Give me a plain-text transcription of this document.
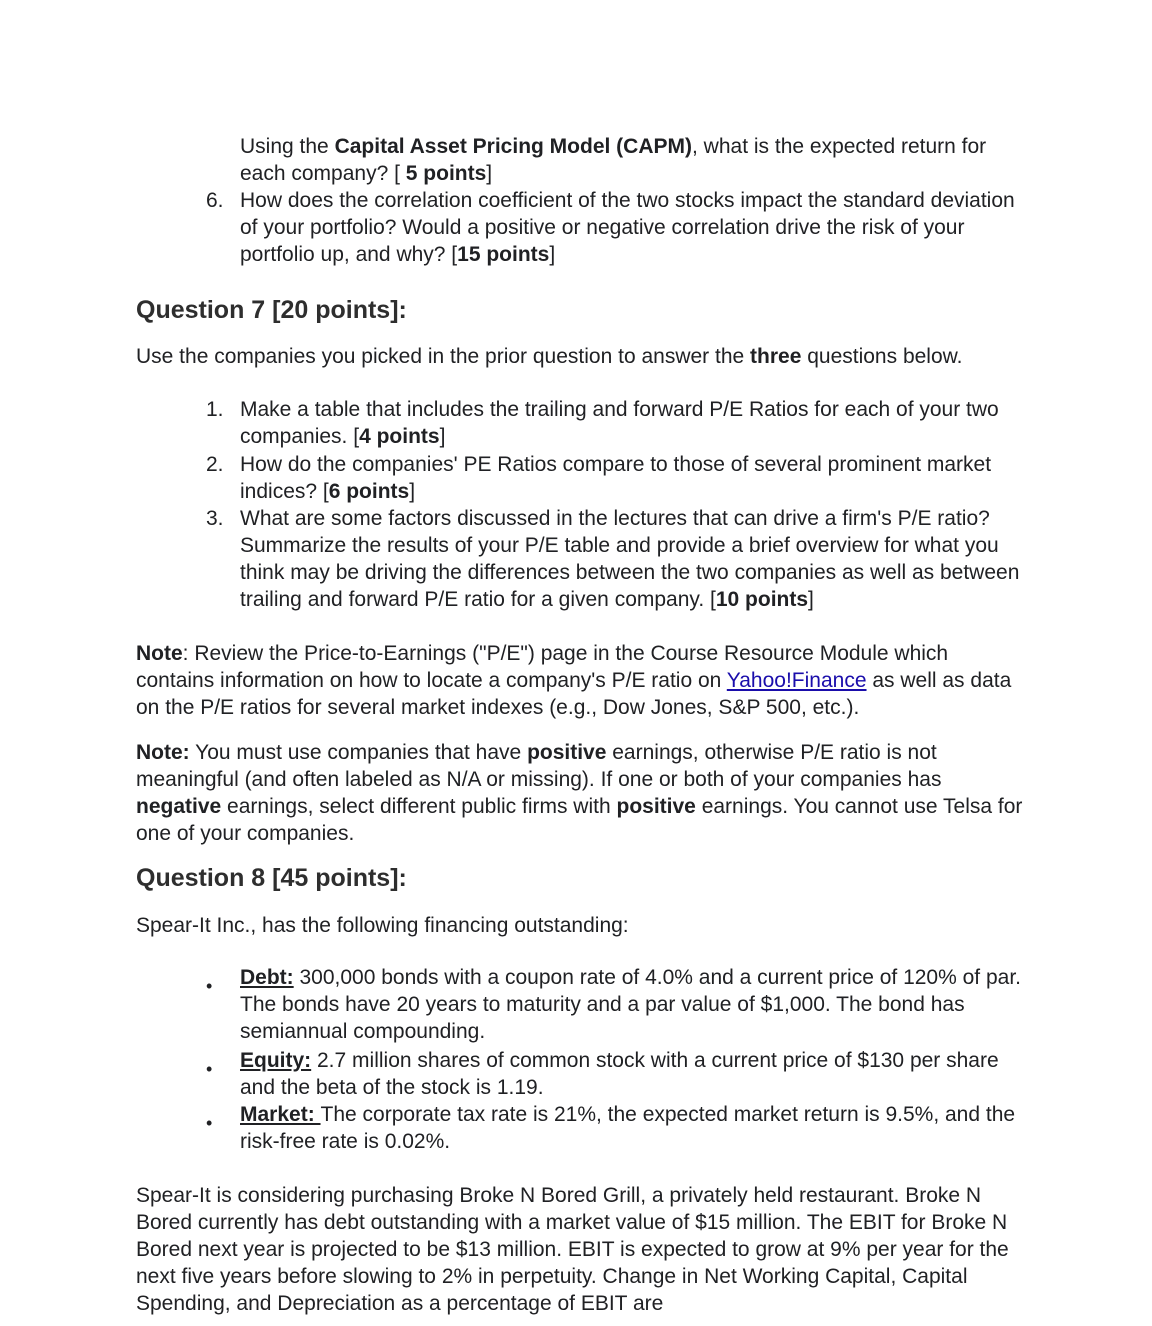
Using the Capital Asset Pricing Model (CAPM), what is the expected return for each company? [ 5 points]
6. How does the correlation coefficient of the two stocks impact the standard deviation of your portfolio? Would a positive or negative correlation drive the risk of your portfolio up, and why? [15 points]
Question 7 [20 points]:
Use the companies you picked in the prior question to answer the three questions below.
1. Make a table that includes the trailing and forward P/E Ratios for each of your two companies. [4 points]
2. How do the companies' PE Ratios compare to those of several prominent market indices? [6 points]
3. What are some factors discussed in the lectures that can drive a firm's P/E ratio? Summarize the results of your P/E table and provide a brief overview for what you think may be driving the differences between the two companies as well as between trailing and forward P/E ratio for a given company. [10 points]
Note: Review the Price-to-Earnings ("P/E") page in the Course Resource Module which contains information on how to locate a company's P/E ratio on Yahoo!Finance as well as data on the P/E ratios for several market indexes (e.g., Dow Jones, S&P 500, etc.).
Note: You must use companies that have positive earnings, otherwise P/E ratio is not meaningful (and often labeled as N/A or missing). If one or both of your companies has negative earnings, select different public firms with positive earnings. You cannot use Telsa for one of your companies.
Question 8 [45 points]:
Spear-It Inc., has the following financing outstanding:
• Debt: 300,000 bonds with a coupon rate of 4.0% and a current price of 120% of par. The bonds have 20 years to maturity and a par value of $1,000. The bond has semiannual compounding.
• Equity: 2.7 million shares of common stock with a current price of $130 per share and the beta of the stock is 1.19.
• Market: The corporate tax rate is 21%, the expected market return is 9.5%, and the risk-free rate is 0.02%.
Spear-It is considering purchasing Broke N Bored Grill, a privately held restaurant. Broke N Bored currently has debt outstanding with a market value of $15 million. The EBIT for Broke N Bored next year is projected to be $13 million. EBIT is expected to grow at 9% per year for the next five years before slowing to 2% in perpetuity. Change in Net Working Capital, Capital Spending, and Depreciation as a percentage of EBIT are
